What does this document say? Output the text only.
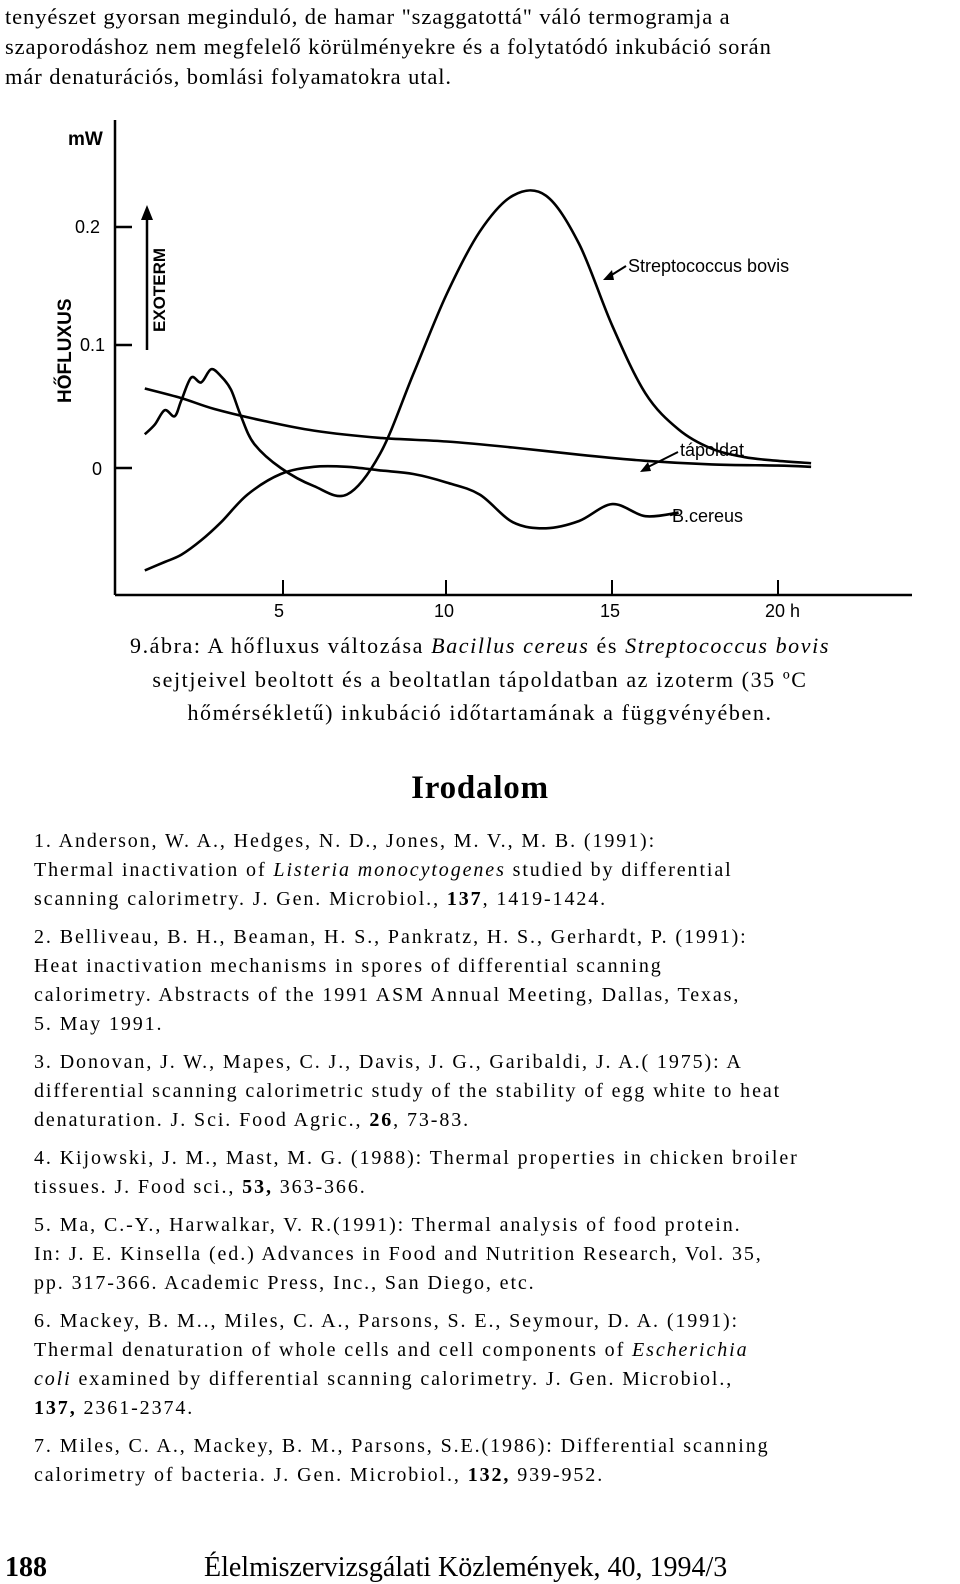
tenyészet gyorsan meginduló, de hamar "szaggatottá" váló termogramja a
szaporodáshoz nem megfelelő körülményekre és a folytatódó inkubáció során
már denaturációs, bomlási folyamatokra utal.
mW
0.2
0.1
0
HŐFLUXUS
EXOTERM
5	10	15	20 h
Streptococcus bovis
tápoldat
B.cereus
9.ábra: A hőfluxus változása Bacillus cereus és Streptococcus bovis
sejtjeivel beoltott és a beoltatlan tápoldatban az izoterm (35 ºC
hőmérsékletű) inkubáció időtartamának a függvényében.
Irodalom
1. Anderson, W. A., Hedges, N. D., Jones, M. V., M. B. (1991):
Thermal inactivation of Listeria monocytogenes studied by differential
scanning calorimetry. J. Gen. Microbiol., 137, 1419-1424.
2. Belliveau, B. H., Beaman, H. S., Pankratz, H. S., Gerhardt, P. (1991):
Heat inactivation mechanisms in spores of differential scanning
calorimetry. Abstracts of the 1991 ASM Annual Meeting, Dallas, Texas,
5. May 1991.
3. Donovan, J. W., Mapes, C. J., Davis, J. G., Garibaldi, J. A.( 1975): A
differential scanning calorimetric study of the stability of egg white to heat
denaturation. J. Sci. Food Agric., 26, 73-83.
4. Kijowski, J. M., Mast, M. G. (1988): Thermal properties in chicken broiler
tissues. J. Food sci., 53, 363-366.
5. Ma, C.-Y., Harwalkar, V. R.(1991): Thermal analysis of food protein.
In: J. E. Kinsella (ed.) Advances in Food and Nutrition Research, Vol. 35,
pp. 317-366. Academic Press, Inc., San Diego, etc.
6. Mackey, B. M.., Miles, C. A., Parsons, S. E., Seymour, D. A. (1991):
Thermal denaturation of whole cells and cell components of Escherichia
coli examined by differential scanning calorimetry. J. Gen. Microbiol.,
137, 2361-2374.
7. Miles, C. A., Mackey, B. M., Parsons, S.E.(1986): Differential scanning
calorimetry of bacteria. J. Gen. Microbiol., 132, 939-952.
188	Élelmiszervizsgálati Közlemények, 40, 1994/3
